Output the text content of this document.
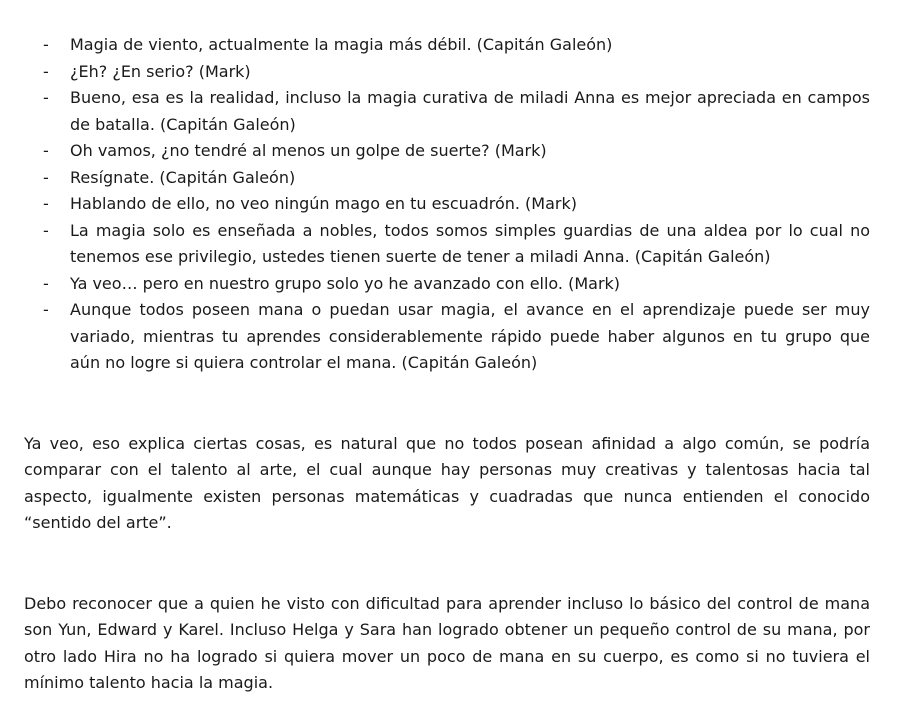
- Magia de viento, actualmente la magia más débil. (Capitán Galeón)
- ¿Eh? ¿En serio? (Mark)
- Bueno, esa es la realidad, incluso la magia curativa de miladi Anna es mejor apreciada en campos de batalla. (Capitán Galeón)
- Oh vamos, ¿no tendré al menos un golpe de suerte? (Mark)
- Resígnate. (Capitán Galeón)
- Hablando de ello, no veo ningún mago en tu escuadrón. (Mark)
- La magia solo es enseñada a nobles, todos somos simples guardias de una aldea por lo cual no tenemos ese privilegio, ustedes tienen suerte de tener a miladi Anna. (Capitán Galeón)
- Ya veo… pero en nuestro grupo solo yo he avanzado con ello. (Mark)
- Aunque todos poseen mana o puedan usar magia, el avance en el aprendizaje puede ser muy variado, mientras tu aprendes considerablemente rápido puede haber algunos en tu grupo que aún no logre si quiera controlar el mana. (Capitán Galeón)

Ya veo, eso explica ciertas cosas, es natural que no todos posean afinidad a algo común, se podría comparar con el talento al arte, el cual aunque hay personas muy creativas y talentosas hacia tal aspecto, igualmente existen personas matemáticas y cuadradas que nunca entienden el conocido “sentido del arte”.

Debo reconocer que a quien he visto con dificultad para aprender incluso lo básico del control de mana son Yun, Edward y Karel. Incluso Helga y Sara han logrado obtener un pequeño control de su mana, por otro lado Hira no ha logrado si quiera mover un poco de mana en su cuerpo, es como si no tuviera el mínimo talento hacia la magia.
